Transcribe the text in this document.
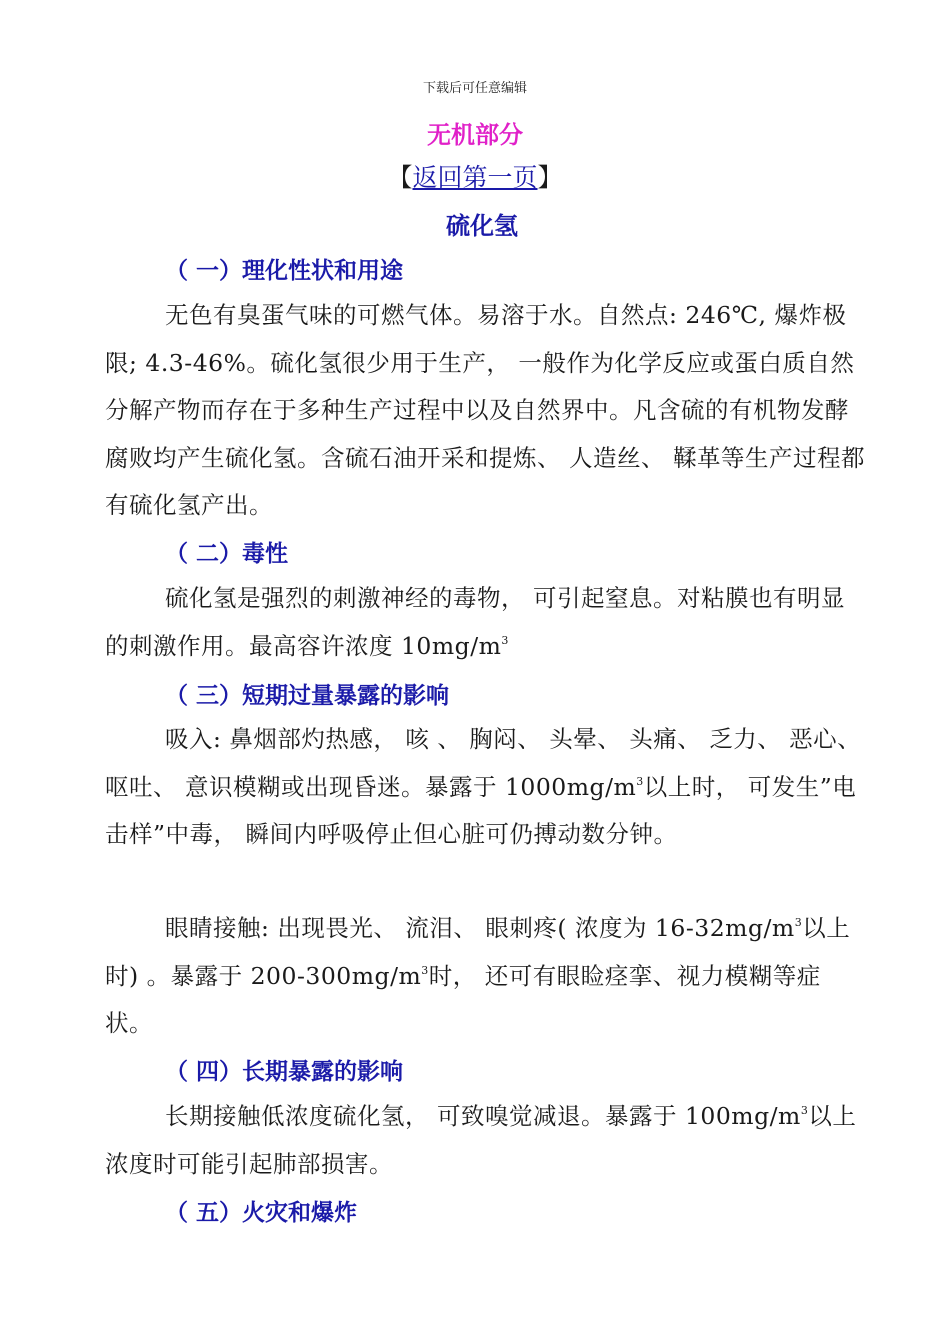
下载后可任意编辑
无机部分
【返回第一页】
硫化氢
（ 一）理化性状和用途

无色有臭蛋气味的可燃气体。易溶于水。自然点: 246℃, 爆炸极限; 4.3-46%。硫化氢很少用于生产， 一般作为化学反应或蛋白质自然分解产物而存在于多种生产过程中以及自然界中。凡含硫的有机物发酵腐败均产生硫化氢。含硫石油开采和提炼、 人造丝、 鞣革等生产过程都有硫化氢产出。

（ 二）毒性

硫化氢是强烈的刺激神经的毒物， 可引起窒息。对粘膜也有明显的刺激作用。最高容许浓度 $10mg/m^3$

（ 三）短期过量暴露的影响

吸入: 鼻烟部灼热感， 咳 、 胸闷、 头晕、 头痛、 乏力、 恶心、 呕吐、 意识模糊或出现昏迷。暴露于 $1000mg/m^3$以上时， 可发生”电击样”中毒， 瞬间内呼吸停止但心脏可仍搏动数分钟。

眼睛接触: 出现畏光、 流泪、 眼刺疼( 浓度为 $16-32mg/m^3$以上时) 。暴露于 $200-300mg/m^3$时， 还可有眼睑痉挛、视力模糊等症状。

（ 四）长期暴露的影响

长期接触低浓度硫化氢， 可致嗅觉减退。暴露于 $100mg/m^3$以上浓度时可能引起肺部损害。

（ 五）火灾和爆炸
